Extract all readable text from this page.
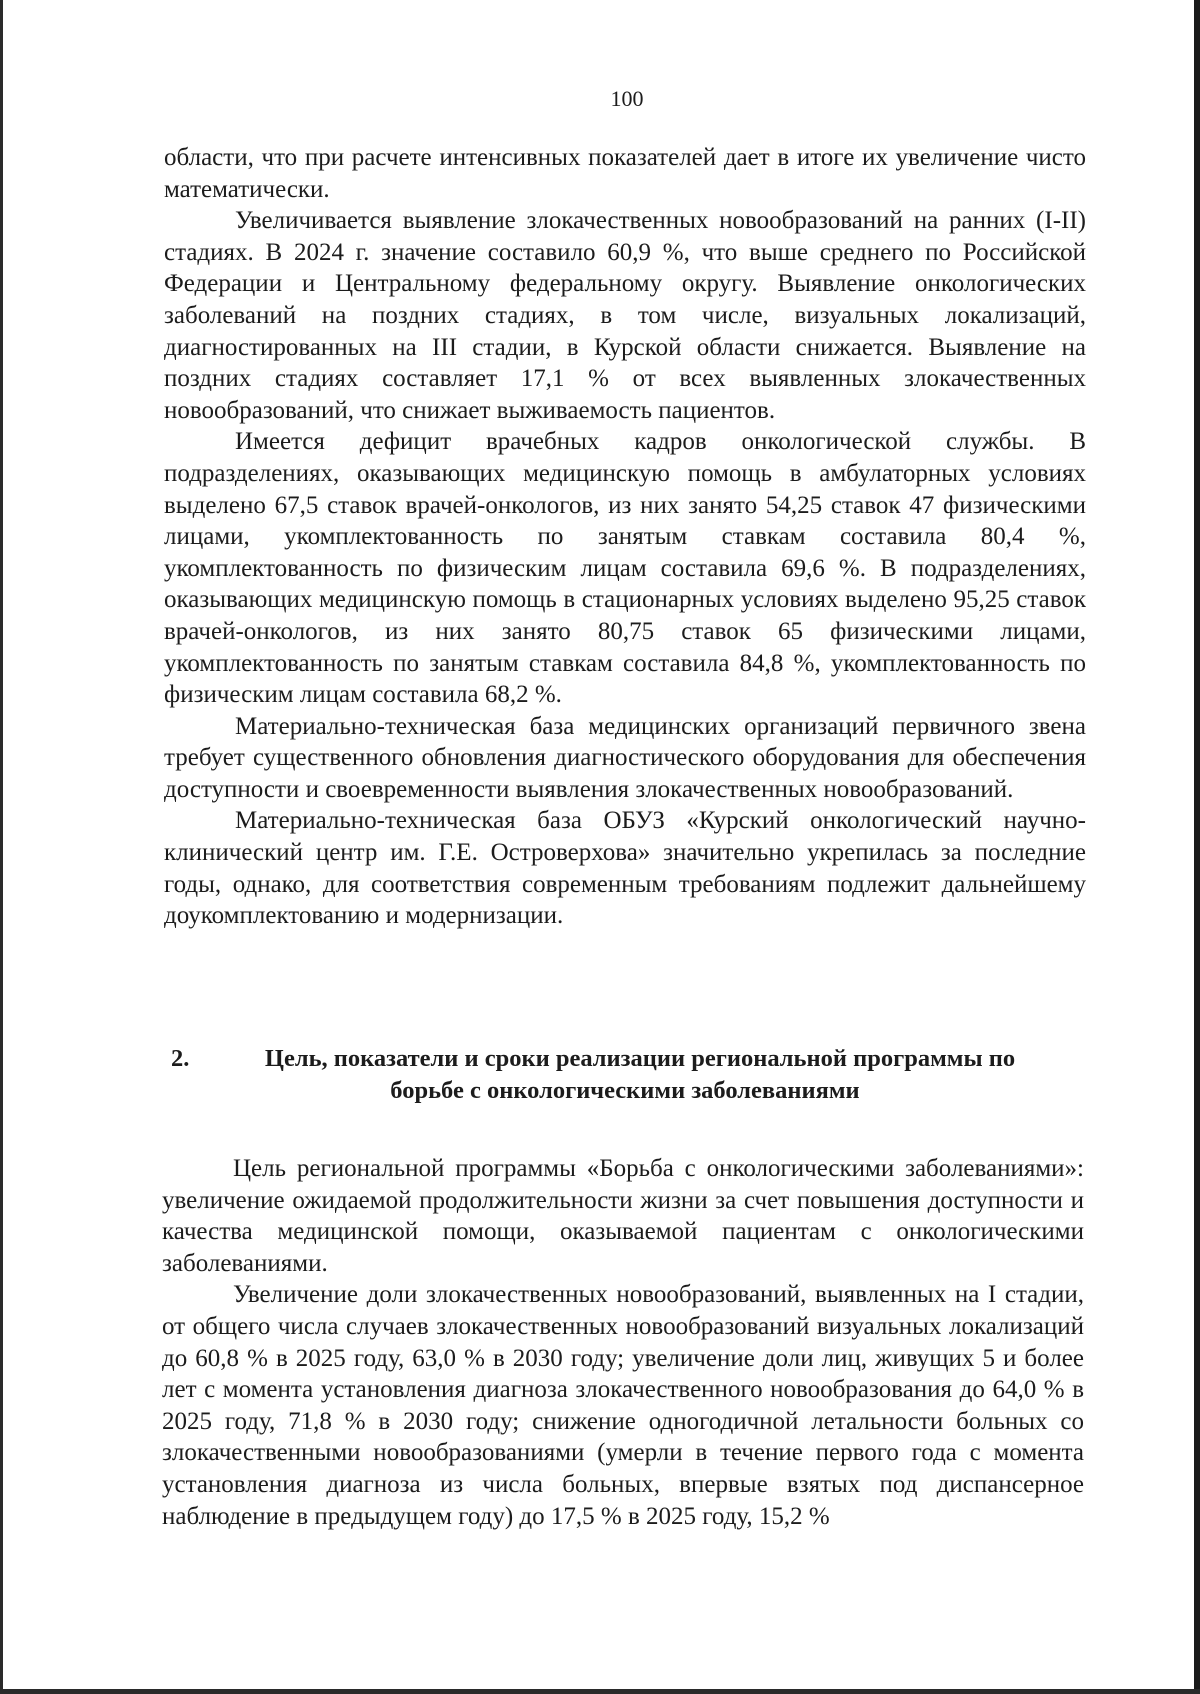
100

области, что при расчете интенсивных показателей дает в итоге их увеличение чисто математически.

Увеличивается выявление злокачественных новообразований на ранних (I-II) стадиях. В 2024 г. значение составило 60,9 %, что выше среднего по Российской Федерации и Центральному федеральному округу. Выявление онкологических заболеваний на поздних стадиях, в том числе, визуальных локализаций, диагностированных на III стадии, в Курской области снижается. Выявление на поздних стадиях составляет 17,1 % от всех выявленных злокачественных новообразований, что снижает выживаемость пациентов.

Имеется дефицит врачебных кадров онкологической службы. В подразделениях, оказывающих медицинскую помощь в амбулаторных условиях выделено 67,5 ставок врачей-онкологов, из них занято 54,25 ставок 47 физическими лицами, укомплектованность по занятым ставкам составила 80,4 %, укомплектованность по физическим лицам составила 69,6 %. В подразделениях, оказывающих медицинскую помощь в стационарных условиях выделено 95,25 ставок врачей-онкологов, из них занято 80,75 ставок 65 физическими лицами, укомплектованность по занятым ставкам составила 84,8 %, укомплектованность по физическим лицам составила 68,2 %.

Материально-техническая база медицинских организаций первичного звена требует существенного обновления диагностического оборудования для обеспечения доступности и своевременности выявления злокачественных новообразований.

Материально-техническая база ОБУЗ «Курский онкологический научно-клинический центр им. Г.Е. Островерхова» значительно укрепилась за последние годы, однако, для соответствия современным требованиям подлежит дальнейшему доукомплектованию и модернизации.

2.	Цель, показатели и сроки реализации региональной программы по
борьбе с онкологическими заболеваниями

Цель региональной программы «Борьба с онкологическими заболеваниями»: увеличение ожидаемой продолжительности жизни за счет повышения доступности и качества медицинской помощи, оказываемой пациентам с онкологическими заболеваниями.

Увеличение доли злокачественных новообразований, выявленных на I стадии, от общего числа случаев злокачественных новообразований визуальных локализаций до 60,8 % в 2025 году, 63,0 % в 2030 году; увеличение доли лиц, живущих 5 и более лет с момента установления диагноза злокачественного новообразования до 64,0 % в 2025 году, 71,8 % в 2030 году; снижение одногодичной летальности больных со злокачественными новообразованиями (умерли в течение первого года с момента установления диагноза из числа больных, впервые взятых под диспансерное наблюдение в предыдущем году) до 17,5 % в 2025 году, 15,2 %
